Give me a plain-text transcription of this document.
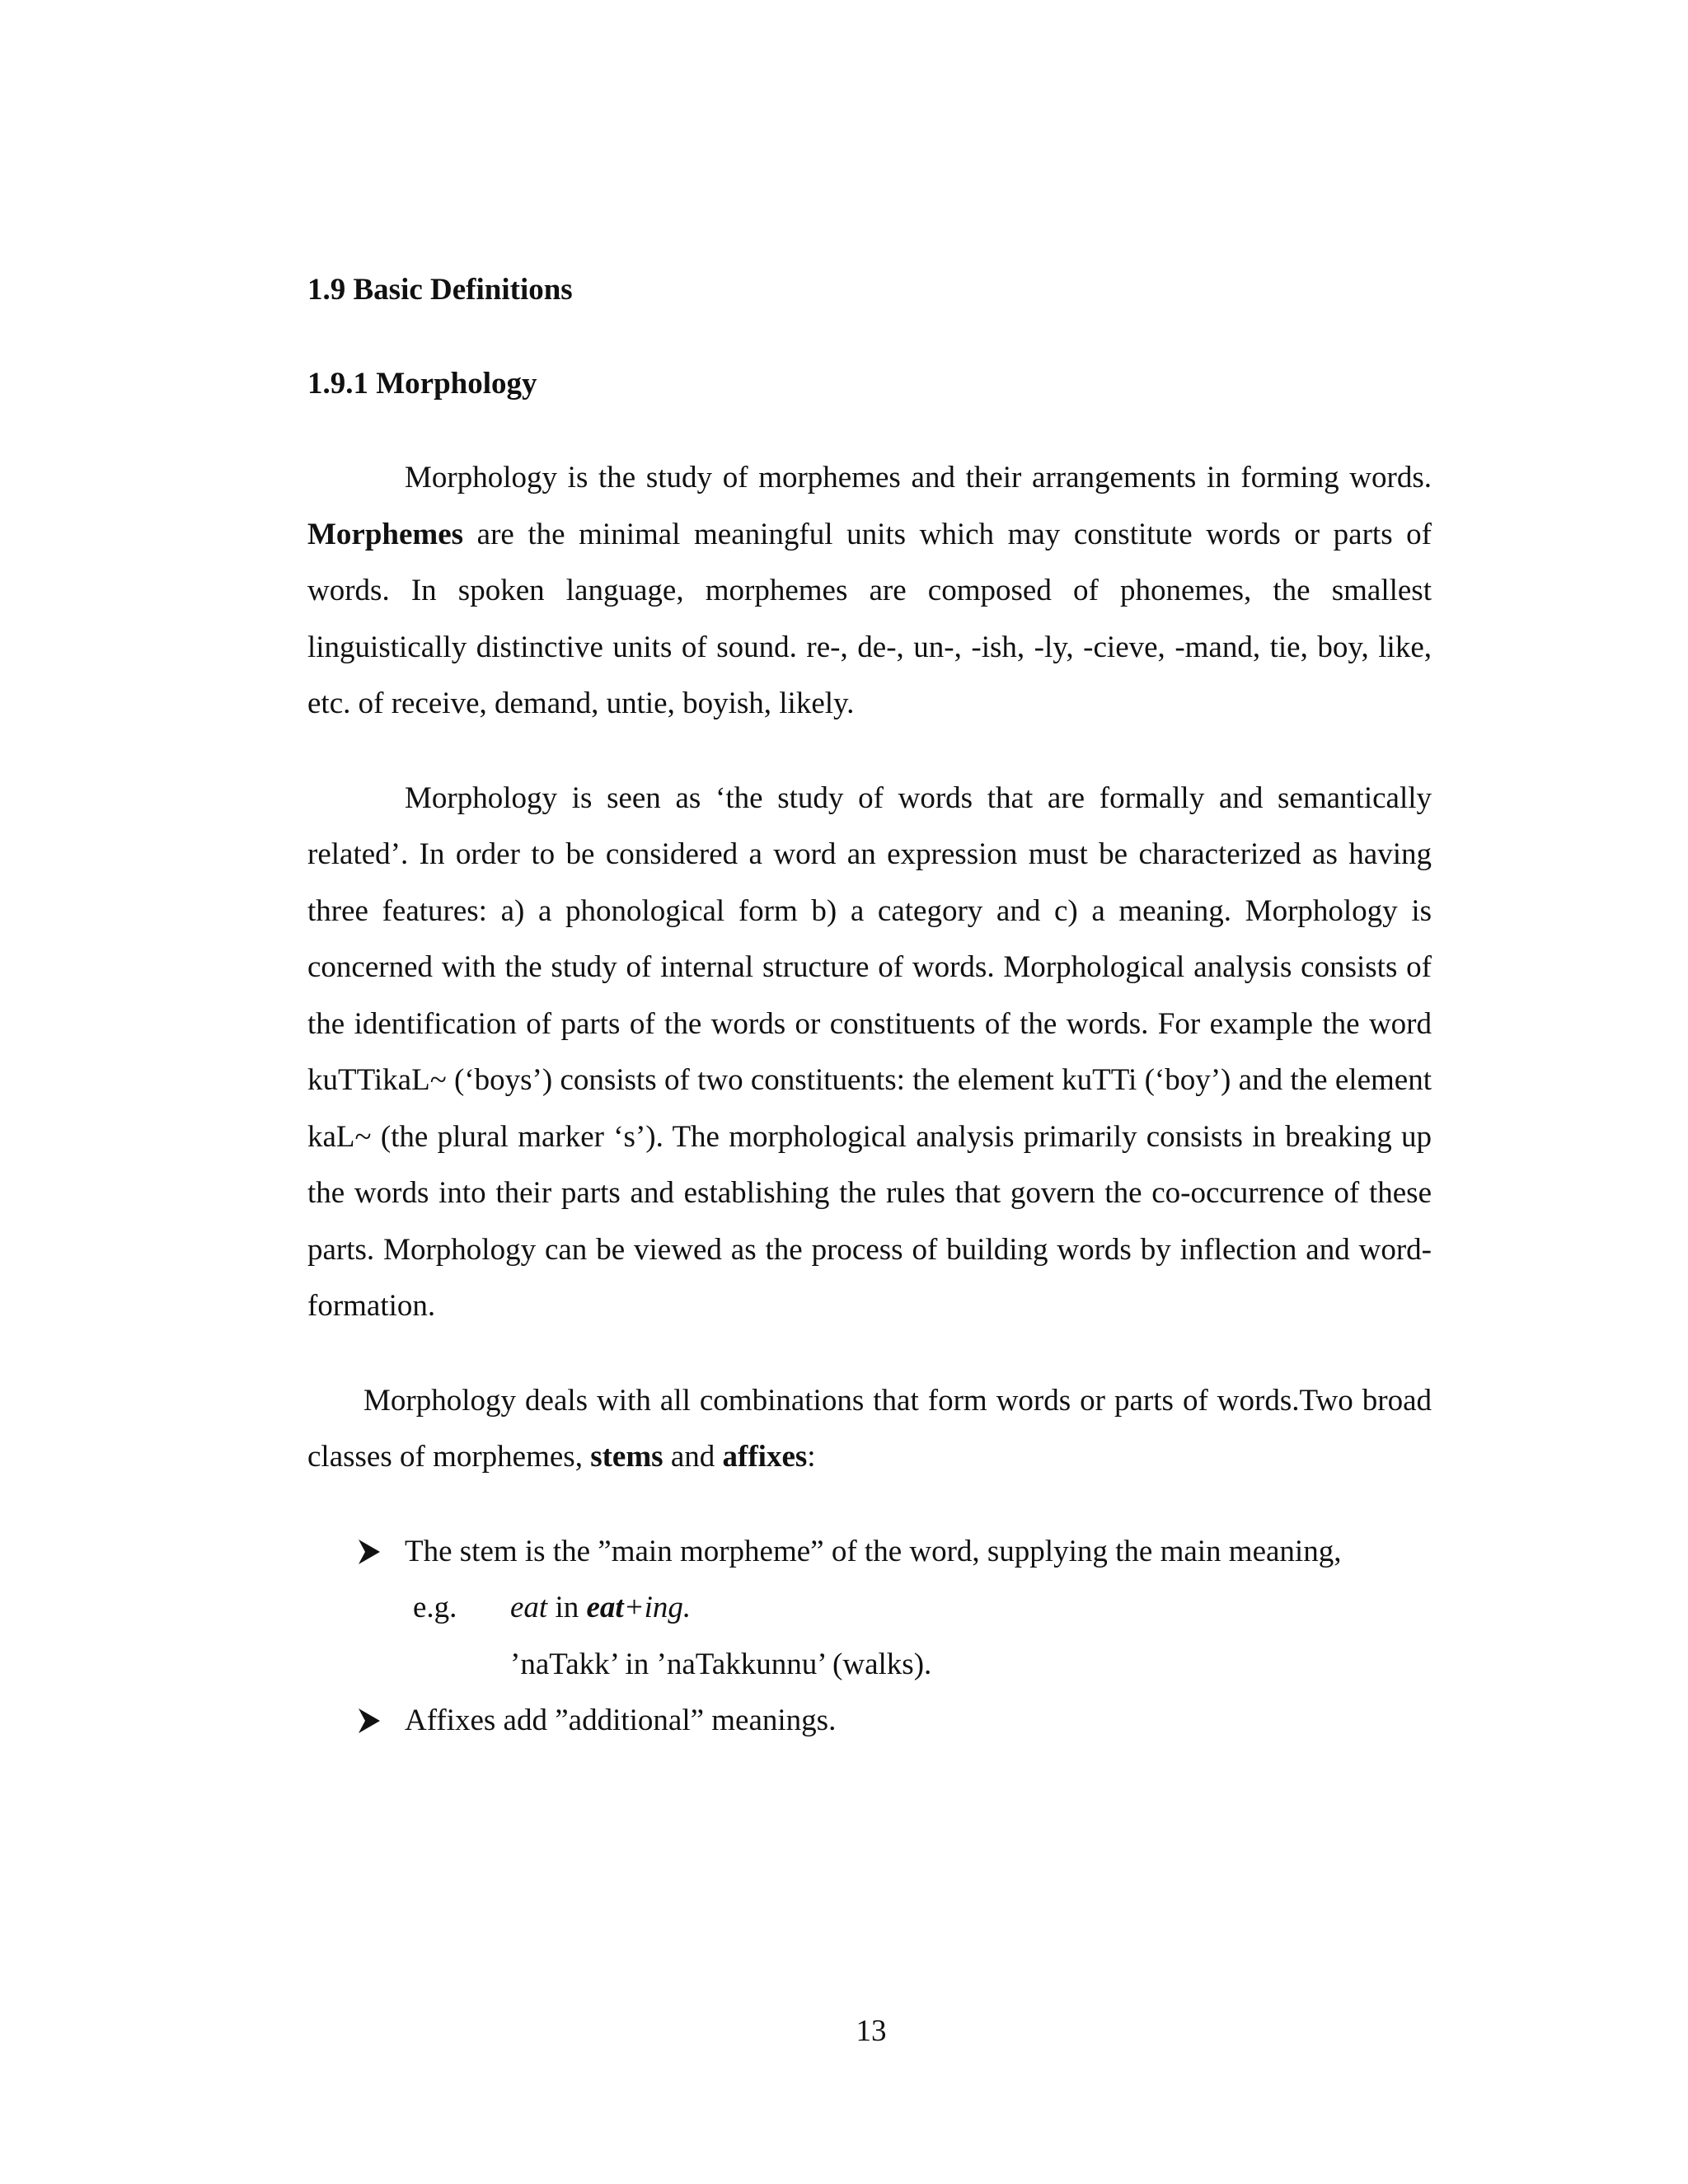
1.9 Basic Definitions
1.9.1 Morphology

Morphology is the study of morphemes and their arrangements in forming words. Morphemes are the minimal meaningful units which may constitute words or parts of words. In spoken language, morphemes are composed of phonemes, the smallest linguistically distinctive units of sound. re-, de-, un-, -ish, -ly, -cieve, -mand, tie, boy, like, etc. of receive, demand, untie, boyish, likely.

Morphology is seen as ‘the study of words that are formally and semantically related’. In order to be considered a word an expression must be characterized as having three features: a) a phonological form b) a category and c) a meaning. Morphology is concerned with the study of internal structure of words. Morphological analysis consists of the identification of parts of the words or constituents of the words. For example the word kuTTikaL~ (‘boys’) consists of two constituents: the element kuTTi (‘boy’) and the element kaL~ (the plural marker ‘s’). The morphological analysis primarily consists in breaking up the words into their parts and establishing the rules that govern the co-occurrence of these parts. Morphology can be viewed as the process of building words by inflection and word-formation.

Morphology deals with all combinations that form words or parts of words.Two broad classes of morphemes, stems and affixes:

The stem is the ”main morpheme” of the word, supplying the main meaning,
e.g. eat in eat+ing.
’naTakk’ in ’naTakkunnu’ (walks).
Affixes add ”additional” meanings.
13
